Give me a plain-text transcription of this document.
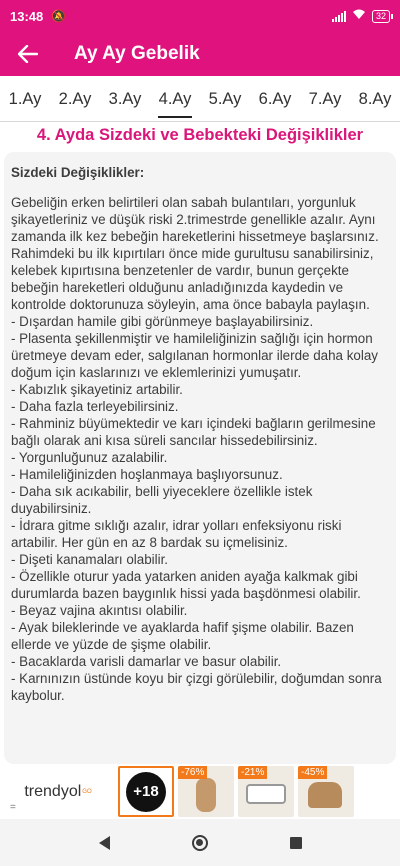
13:48 🔕	32
Ay Ay Gebelik
1.Ay	2.Ay	3.Ay	4.Ay	5.Ay	6.Ay	7.Ay	8.Ay
4. Ayda Sizdeki ve Bebekteki Değişiklikler
Sizdeki Değişiklikler:
Gebeliğin erken belirtileri olan sabah bulantıları, yorgunluk şikayetleriniz ve düşük riski 2.trimestrde genellikle azalır. Aynı zamanda ilk kez bebeğin hareketlerini hissetmeye başlarsınız. Rahimdeki bu ilk kıpırtıları önce mide gurultusu sanabilirsiniz, kelebek kıpırtısına benzetenler de vardır, bunun gerçekte bebeğin hareketleri olduğunu anladığınızda kaydedin ve kontrolde doktorunuza söyleyin, ama önce babayla paylaşın.
- Dışardan hamile gibi görünmeye başlayabilirsiniz.
- Plasenta şekillenmiştir ve hamileliğinizin sağlığı için hormon üretmeye devam eder, salgılanan hormonlar ilerde daha kolay doğum için kaslarınızı ve eklemlerinizi yumuşatır.
- Kabızlık şikayetiniz artabilir.
- Daha fazla terleyebilirsiniz.
- Rahminiz büyümektedir ve karı içindeki bağların gerilmesine bağlı olarak ani kısa süreli sancılar hissedebilirsiniz.
- Yorgunluğunuz azalabilir.
- Hamileliğinizden hoşlanmaya başlıyorsunuz.
- Daha sık acıkabilir, belli yiyeceklere özellikle istek duyabilirsiniz.
- İdrara gitme sıklığı azalır, idrar yolları enfeksiyonu riski artabilir. Her gün en az 8 bardak su içmelisiniz.
- Dişeti kanamaları olabilir.
- Özellikle oturur yada yatarken aniden ayağa kalkmak gibi durumlarda bazen baygınlık hissi yada başdönmesi olabilir.
- Beyaz vajina akıntısı olabilir.
- Ayak bileklerinde ve ayaklarda hafif şişme olabilir. Bazen ellerde ve yüzde de şişme olabilir.
- Bacaklarda varisli damarlar ve basur olabilir.
- Karnınızın üstünde koyu bir çizgi görülebilir, doğumdan sonra kaybolur.
trendyol GO
=
+18
-76%	-21%	-45%
